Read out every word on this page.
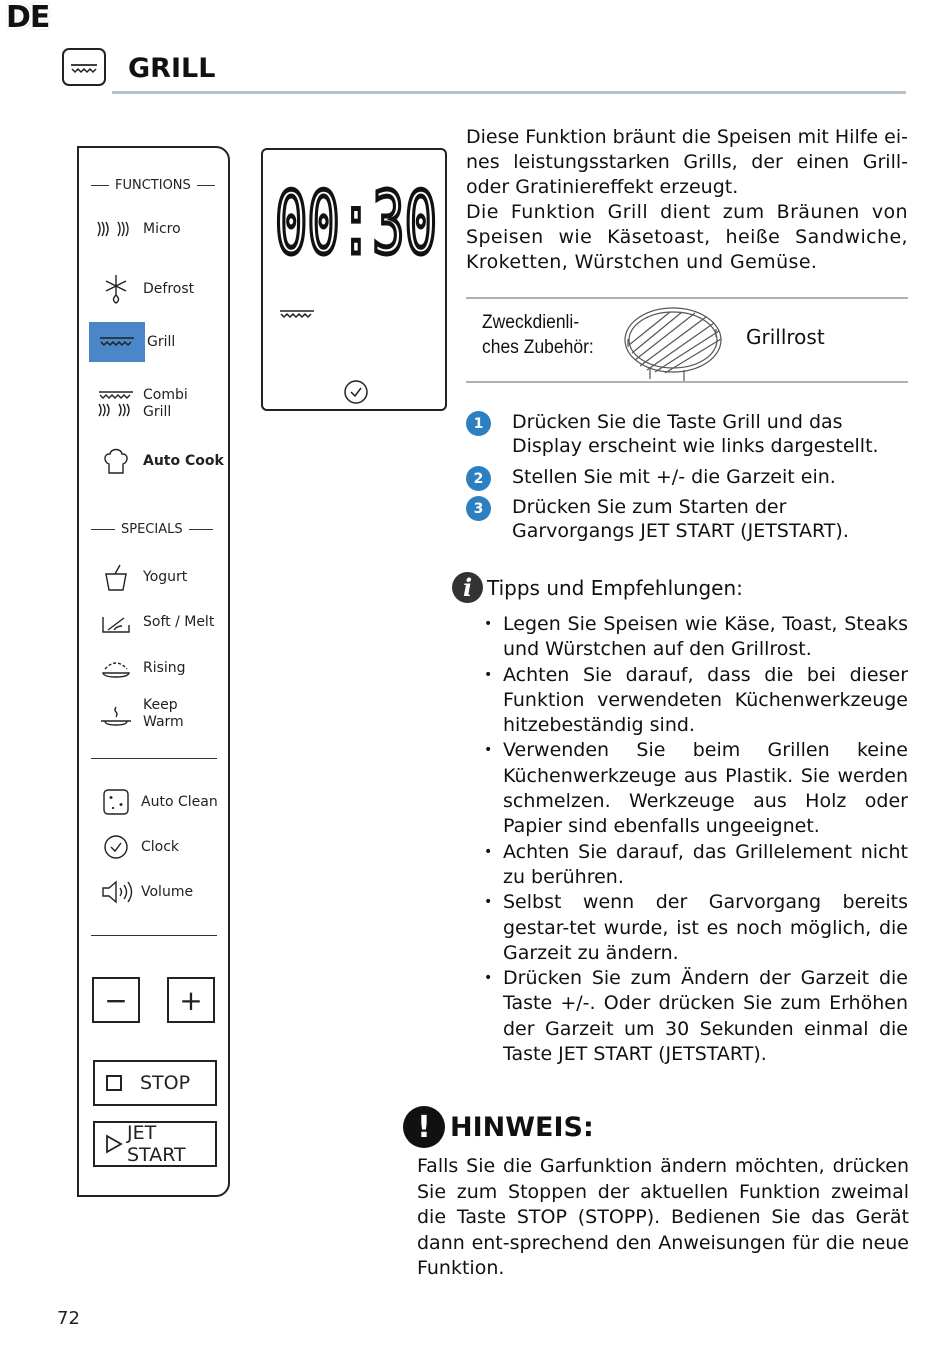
DE
GRILL
FUNCTIONS
Micro
Defrost
Grill
Combi
Grill
Auto Cook
SPECIALS
Yogurt
Soft / Melt
Rising
Keep
Warm
Auto Clean
Clock
Volume
−	+
STOP
JET START
00:30
Diese Funktion bräunt die Speisen mit Hilfe ei-nes leistungsstarken Grills, der einen Grill- oder Gratiniereffekt erzeugt.
Die Funktion Grill dient zum Bräunen von Speisen wie Käsetoast, heiße Sandwiche, Kroketten, Würstchen und Gemüse.
Zweckdienli-
ches Zubehör:	Grillrost
1	Drücken Sie die Taste Grill und das Display erscheint wie links dargestellt.
2	Stellen Sie mit +/- die Garzeit ein.
3	Drücken Sie zum Starten der Garvorgangs JET START (JETSTART).
i Tipps und Empfehlungen:
• Legen Sie Speisen wie Käse, Toast, Steaks und Würstchen auf den Grillrost.
• Achten Sie darauf, dass die bei dieser Funktion verwendeten Küchenwerkzeuge hitzebeständig sind.
• Verwenden Sie beim Grillen keine Küchenwerkzeuge aus Plastik. Sie werden schmelzen. Werkzeuge aus Holz oder Papier sind ebenfalls ungeeignet.
• Achten Sie darauf, das Grillelement nicht zu berühren.
• Selbst wenn der Garvorgang bereits gestar-tet wurde, ist es noch möglich, die Garzeit zu ändern.
• Drücken Sie zum Ändern der Garzeit die Taste +/-. Oder drücken Sie zum Erhöhen der Garzeit um 30 Sekunden einmal die Taste JET START (JETSTART).
! HINWEIS:
Falls Sie die Garfunktion ändern möchten, drücken Sie zum Stoppen der aktuellen Funktion zweimal die Taste STOP (STOPP). Bedienen Sie das Gerät dann ent-sprechend den Anweisungen für die neue Funktion.
72
